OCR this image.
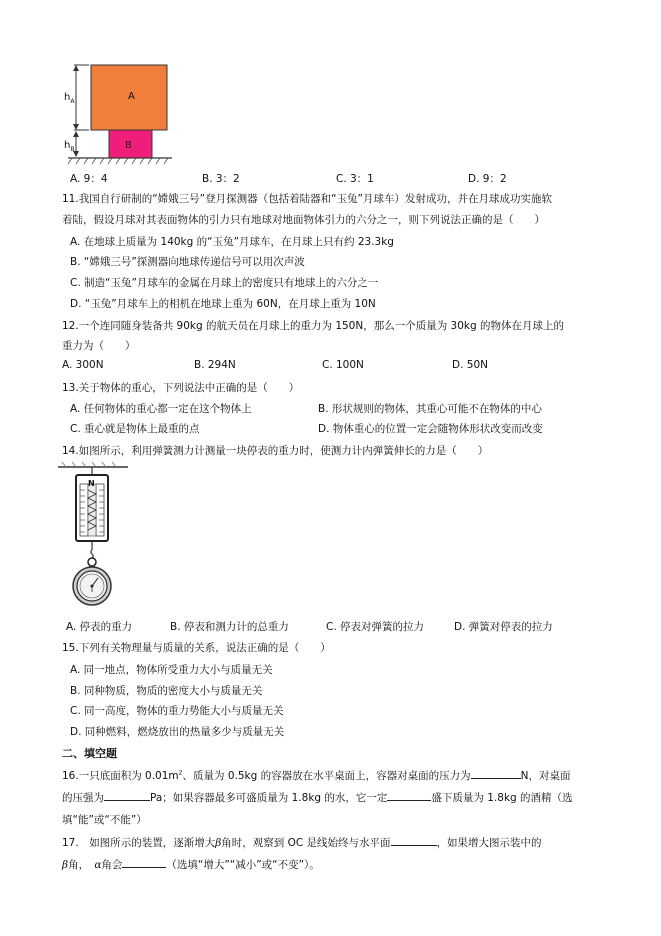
A
B
$h_A$
$h_B$
A. 9：4	B. 3：2	C. 3：1	D. 9：2
11.我国自行研制的“嫦娥三号”登月探测器（包括着陆器和“玉兔”月球车）发射成功，并在月球成功实施软
着陆，假设月球对其表面物体的引力只有地球对地面物体引力的六分之一，则下列说法正确的是（　　）
A. 在地球上质量为 140kg 的“玉兔”月球车，在月球上只有约 23.3kg
B. “嫦娥三号”探测器向地球传递信号可以用次声波
C. 制造“玉兔”月球车的金属在月球上的密度只有地球上的六分之一
D. “玉兔”月球车上的相机在地球上重为 60N，在月球上重为 10N
12.一个连同随身装备共 90kg 的航天员在月球上的重力为 150N，那么一个质量为 30kg 的物体在月球上的
重力为（　　）
A. 300N	B. 294N	C. 100N	D. 50N
13.关于物体的重心，下列说法中正确的是（　　）
A. 任何物体的重心都一定在这个物体上	B. 形状规则的物体，其重心可能不在物体的中心
C. 重心就是物体上最重的点	D. 物体重心的位置一定会随物体形状改变而改变
14.如图所示，利用弹簧测力计测量一块停表的重力时，使测力计内弹簧伸长的力是（　　）
N
A. 停表的重力	B. 停表和测力计的总重力	C. 停表对弹簧的拉力	D. 弹簧对停表的拉力
15.下列有关物理量与质量的关系，说法正确的是（　　）
A. 同一地点，物体所受重力大小与质量无关
B. 同种物质，物质的密度大小与质量无关
C. 同一高度，物体的重力势能大小与质量无关
D. 同种燃料，燃烧放出的热量多少与质量无关
二、填空题
16.一只底面积为 $0.01m^2$、质量为 0.5kg 的容器放在水平桌面上，容器对桌面的压力为	N，对桌面
的压强为	Pa；如果容器最多可盛质量为 1.8kg 的水，它一定	盛下质量为 1.8kg 的酒精（选
填“能”或“不能”）
17.　如图所示的装置，逐渐增大β角时，观察到 OC 是线始终与水平面	，如果增大图示装中的
β角，　α角会	（选填“增大”“减小”或“不变”）。
